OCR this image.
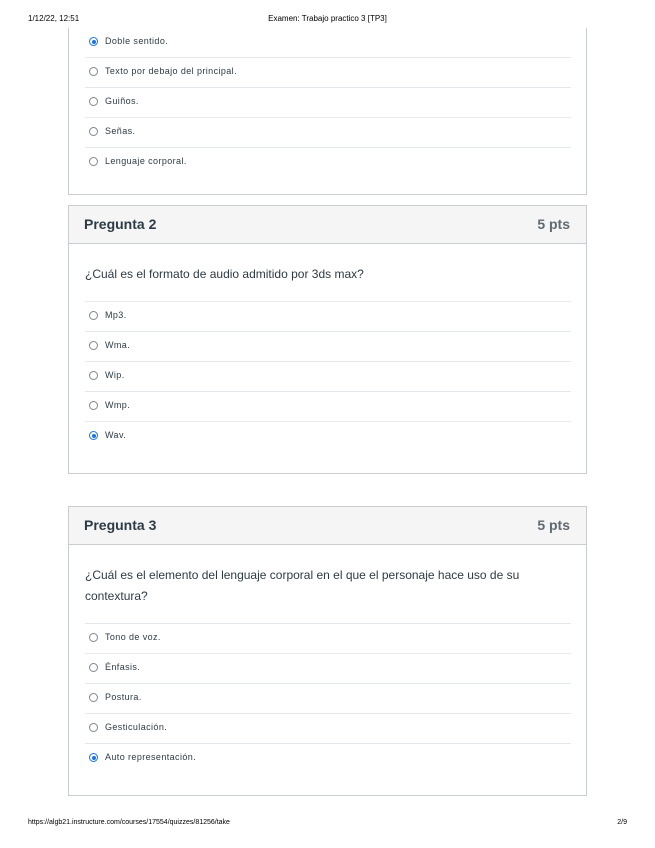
1/12/22, 12:51	Examen: Trabajo practico 3 [TP3]
Doble sentido.
Texto por debajo del principal.
Guiños.
Señas.
Lenguaje corporal.
Pregunta 2	5 pts
¿Cuál es el formato de audio admitido por 3ds max?
Mp3.
Wma.
Wip.
Wmp.
Wav.
Pregunta 3	5 pts
¿Cuál es el elemento del lenguaje corporal en el que el personaje hace uso de su contextura?
Tono de voz.
Énfasis.
Postura.
Gesticulación.
Auto representación.
https://algb21.instructure.com/courses/17554/quizzes/81256/take	2/9
